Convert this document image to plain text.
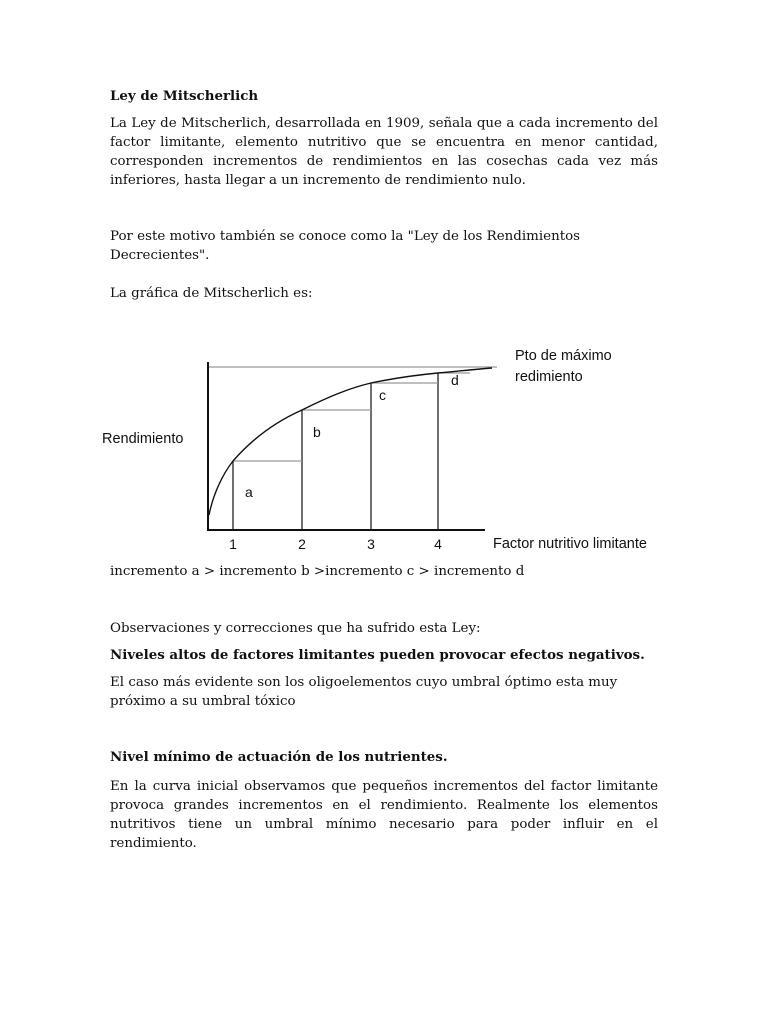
Ley de Mitscherlich
La Ley de Mitscherlich, desarrollada en 1909, señala que a cada incremento del factor limitante, elemento nutritivo que se encuentra en menor cantidad, corresponden incrementos de rendimientos en las cosechas cada vez más inferiores, hasta llegar a un incremento de rendimiento nulo.
Por este motivo también se conoce como la "Ley de los Rendimientos Decrecientes".
La gráfica de Mitscherlich es:
a
b
c
d
1	2	3	4	Factor nutritivo limitante
Rendimiento
Pto de máximo
redimiento
incremento a > incremento b >incremento c > incremento d
Observaciones y correcciones que ha sufrido esta Ley:
Niveles altos de factores limitantes pueden provocar efectos negativos.
El caso más evidente son los oligoelementos cuyo umbral óptimo esta muy próximo a su umbral tóxico
Nivel mínimo de actuación de los nutrientes.
En la curva inicial observamos que pequeños incrementos del factor limitante provoca grandes incrementos en el rendimiento. Realmente los elementos nutritivos tiene un umbral mínimo necesario para poder influir en el rendimiento.
